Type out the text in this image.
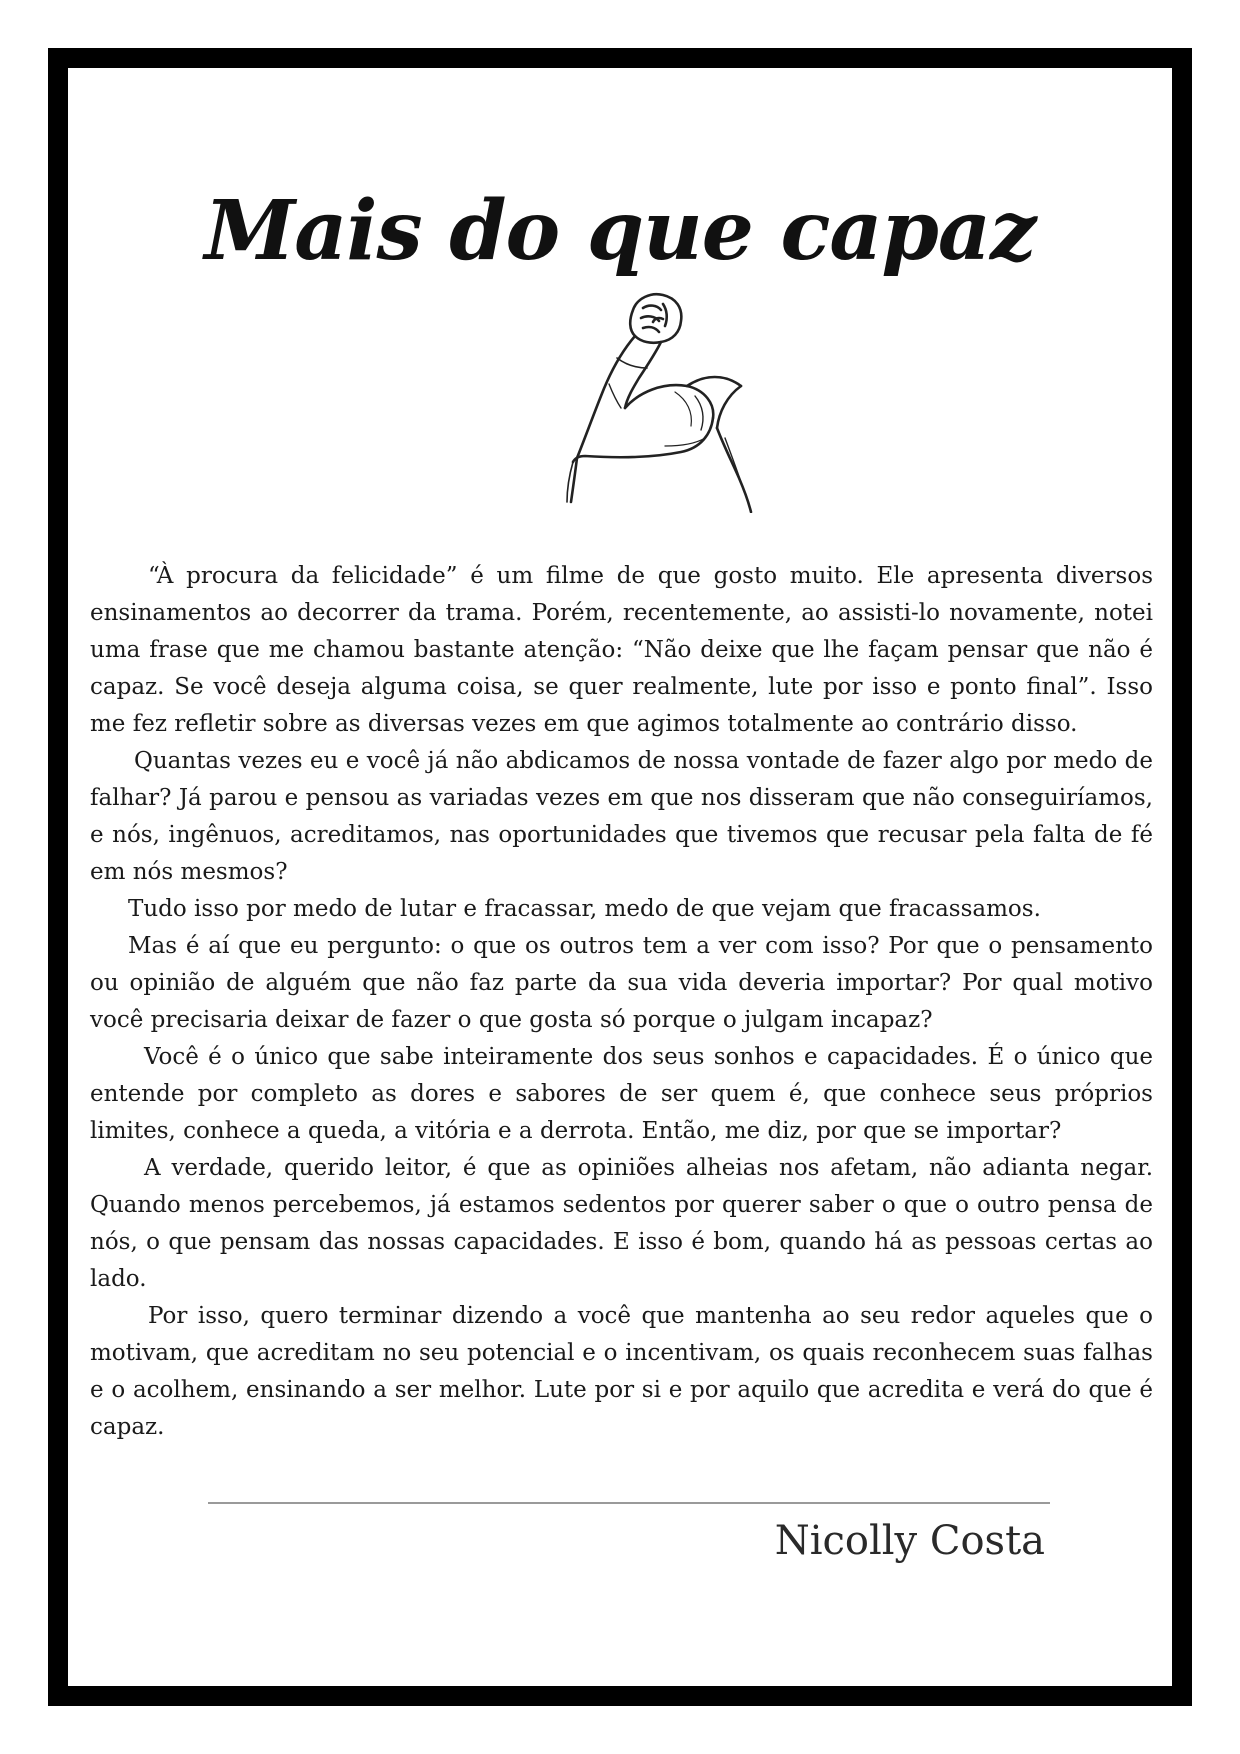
Mais do que capaz

“À procura da felicidade” é um filme de que gosto muito. Ele apresenta diversos ensinamentos ao decorrer da trama. Porém, recentemente, ao assisti-lo novamente, notei uma frase que me chamou bastante atenção: “Não deixe que lhe façam pensar que não é capaz. Se você deseja alguma coisa, se quer realmente, lute por isso e ponto final”. Isso me fez refletir sobre as diversas vezes em que agimos totalmente ao contrário disso.

Quantas vezes eu e você já não abdicamos de nossa vontade de fazer algo por medo de falhar? Já parou e pensou as variadas vezes em que nos disseram que não conseguiríamos, e nós, ingênuos, acreditamos, nas oportunidades que tivemos que recusar pela falta de fé em nós mesmos?

Tudo isso por medo de lutar e fracassar, medo de que vejam que fracassamos.

Mas é aí que eu pergunto: o que os outros tem a ver com isso? Por que o pensamento ou opinião de alguém que não faz parte da sua vida deveria importar? Por qual motivo você precisaria deixar de fazer o que gosta só porque o julgam incapaz?

Você é o único que sabe inteiramente dos seus sonhos e capacidades. É o único que entende por completo as dores e sabores de ser quem é, que conhece seus próprios limites, conhece a queda, a vitória e a derrota. Então, me diz, por que se importar?

A verdade, querido leitor, é que as opiniões alheias nos afetam, não adianta negar. Quando menos percebemos, já estamos sedentos por querer saber o que o outro pensa de nós, o que pensam das nossas capacidades. E isso é bom, quando há as pessoas certas ao lado.

Por isso, quero terminar dizendo a você que mantenha ao seu redor aqueles que o motivam, que acreditam no seu potencial e o incentivam, os quais reconhecem suas falhas e o acolhem, ensinando a ser melhor. Lute por si e por aquilo que acredita e verá do que é capaz.

Nicolly Costa
